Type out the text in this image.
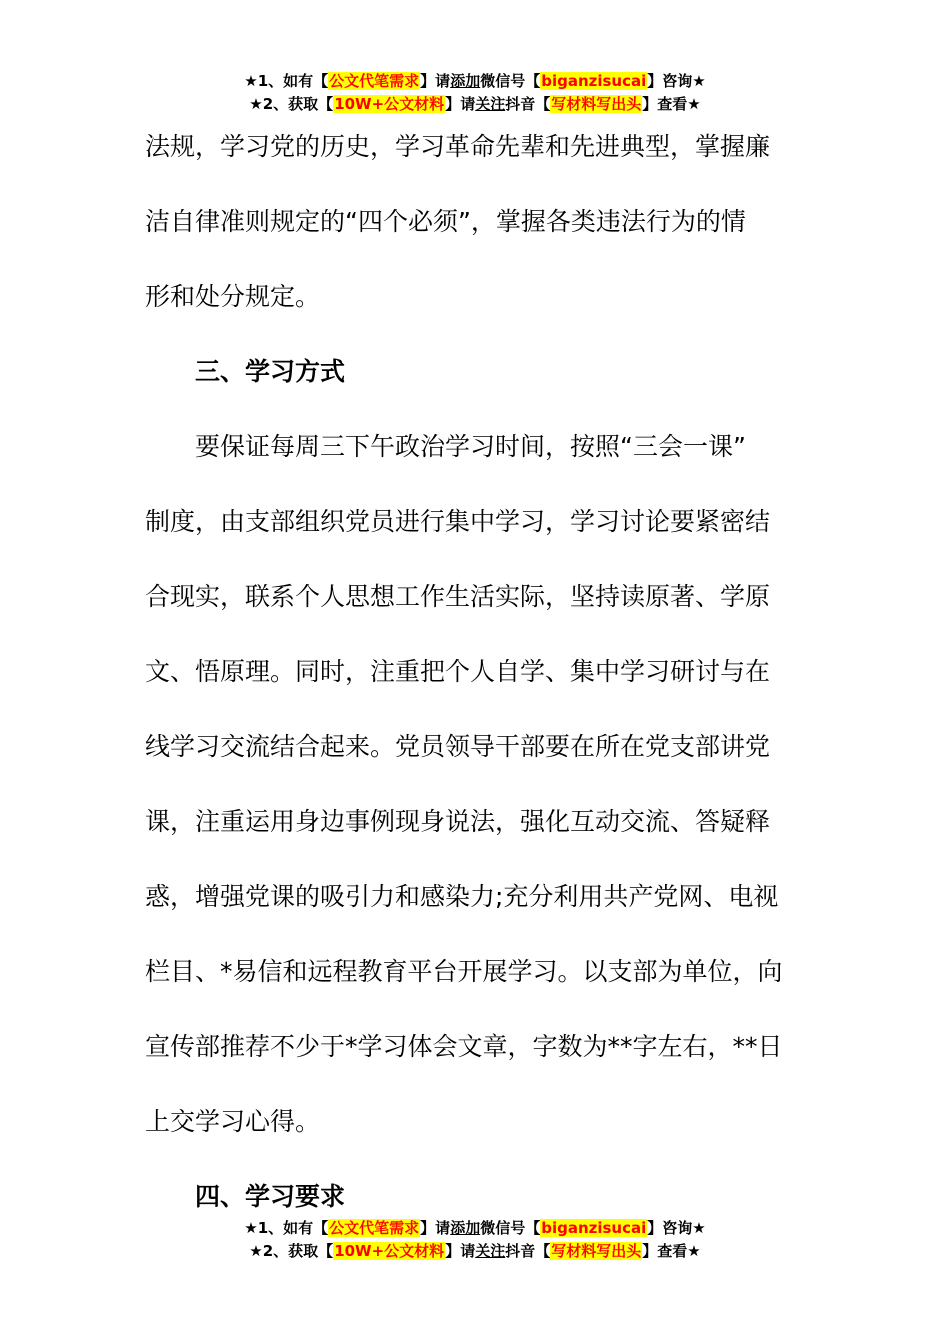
★1、如有【公文代笔需求】请添加微信号【biganzisucai】咨询★
★2、获取【10W+公文材料】请关注抖音【写材料写出头】查看★

法规，学习党的历史，学习革命先辈和先进典型，掌握廉

洁自律准则规定的“四个必须”，掌握各类违法行为的情

形和处分规定。

三、学习方式

要保证每周三下午政治学习时间，按照“三会一课”

制度，由支部组织党员进行集中学习，学习讨论要紧密结

合现实，联系个人思想工作生活实际，坚持读原著、学原

文、悟原理。同时，注重把个人自学、集中学习研讨与在

线学习交流结合起来。党员领导干部要在所在党支部讲党

课，注重运用身边事例现身说法，强化互动交流、答疑释

惑，增强党课的吸引力和感染力;充分利用共产党网、电视

栏目、*易信和远程教育平台开展学习。以支部为单位，向

宣传部推荐不少于*学习体会文章，字数为**字左右，**日

上交学习心得。

四、学习要求
★1、如有【公文代笔需求】请添加微信号【biganzisucai】咨询★
★2、获取【10W+公文材料】请关注抖音【写材料写出头】查看★
